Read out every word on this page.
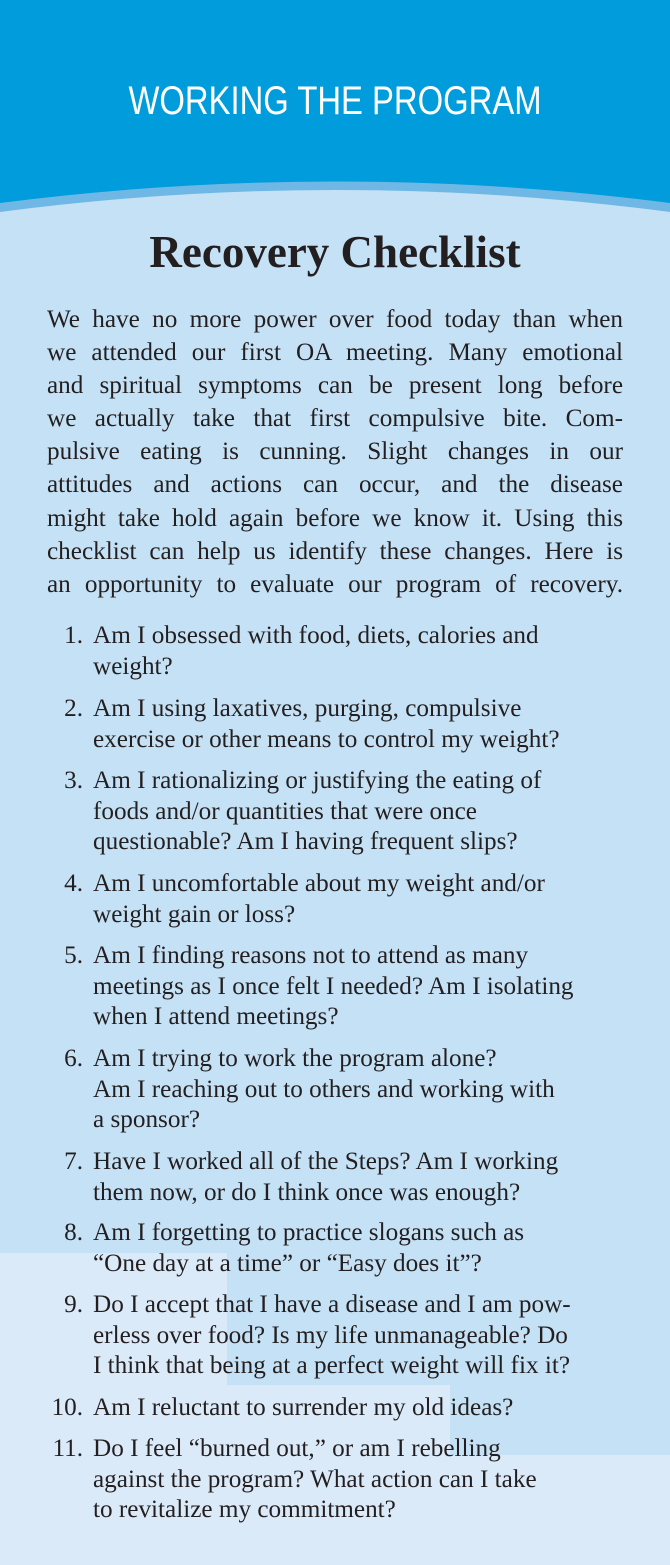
WORKING THE PROGRAM
Recovery Checklist

We have no more power over food today than when
we attended our first OA meeting. Many emotional
and spiritual symptoms can be present long before
we actually take that first compulsive bite. Com-
pulsive eating is cunning. Slight changes in our
attitudes and actions can occur, and the disease
might take hold again before we know it. Using this
checklist can help us identify these changes. Here is
an opportunity to evaluate our program of recovery.

1. Am I obsessed with food, diets, calories and
weight?
2. Am I using laxatives, purging, compulsive
exercise or other means to control my weight?
3. Am I rationalizing or justifying the eating of
foods and/or quantities that were once
questionable? Am I having frequent slips?
4. Am I uncomfortable about my weight and/or
weight gain or loss?
5. Am I finding reasons not to attend as many
meetings as I once felt I needed? Am I isolating
when I attend meetings?
6. Am I trying to work the program alone?
Am I reaching out to others and working with
a sponsor?
7. Have I worked all of the Steps? Am I working
them now, or do I think once was enough?
8. Am I forgetting to practice slogans such as
“One day at a time” or “Easy does it”?
9. Do I accept that I have a disease and I am pow-
erless over food? Is my life unmanageable? Do
I think that being at a perfect weight will fix it?
10. Am I reluctant to surrender my old ideas?
11. Do I feel “burned out,” or am I rebelling
against the program? What action can I take
to revitalize my commitment?
